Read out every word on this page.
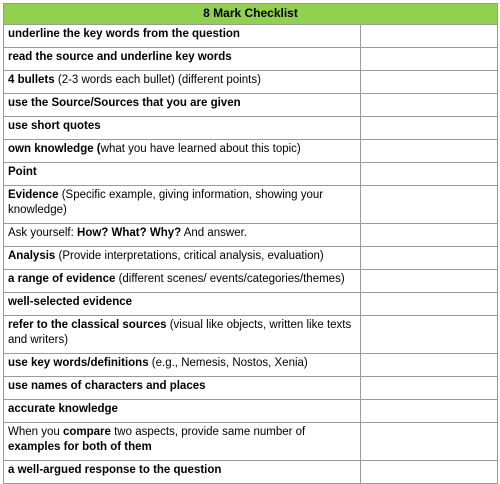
8 Mark Checklist	
underline the key words from the question	
read the source and underline key words	
4 bullets (2-3 words each bullet) (different points)	
use the Source/Sources that you are given	
use short quotes	
own knowledge (what you have learned about this topic)	
Point	
Evidence (Specific example, giving information, showing your knowledge)	
Ask yourself: How? What? Why? And answer.	
Analysis (Provide interpretations, critical analysis, evaluation)	
a range of evidence (different scenes/ events/categories/themes)	
well-selected evidence	
refer to the classical sources (visual like objects, written like texts and writers)	
use key words/definitions (e.g., Nemesis, Nostos, Xenia)	
use names of characters and places	
accurate knowledge	
When you compare two aspects, provide same number of examples for both of them	
a well-argued response to the question	
